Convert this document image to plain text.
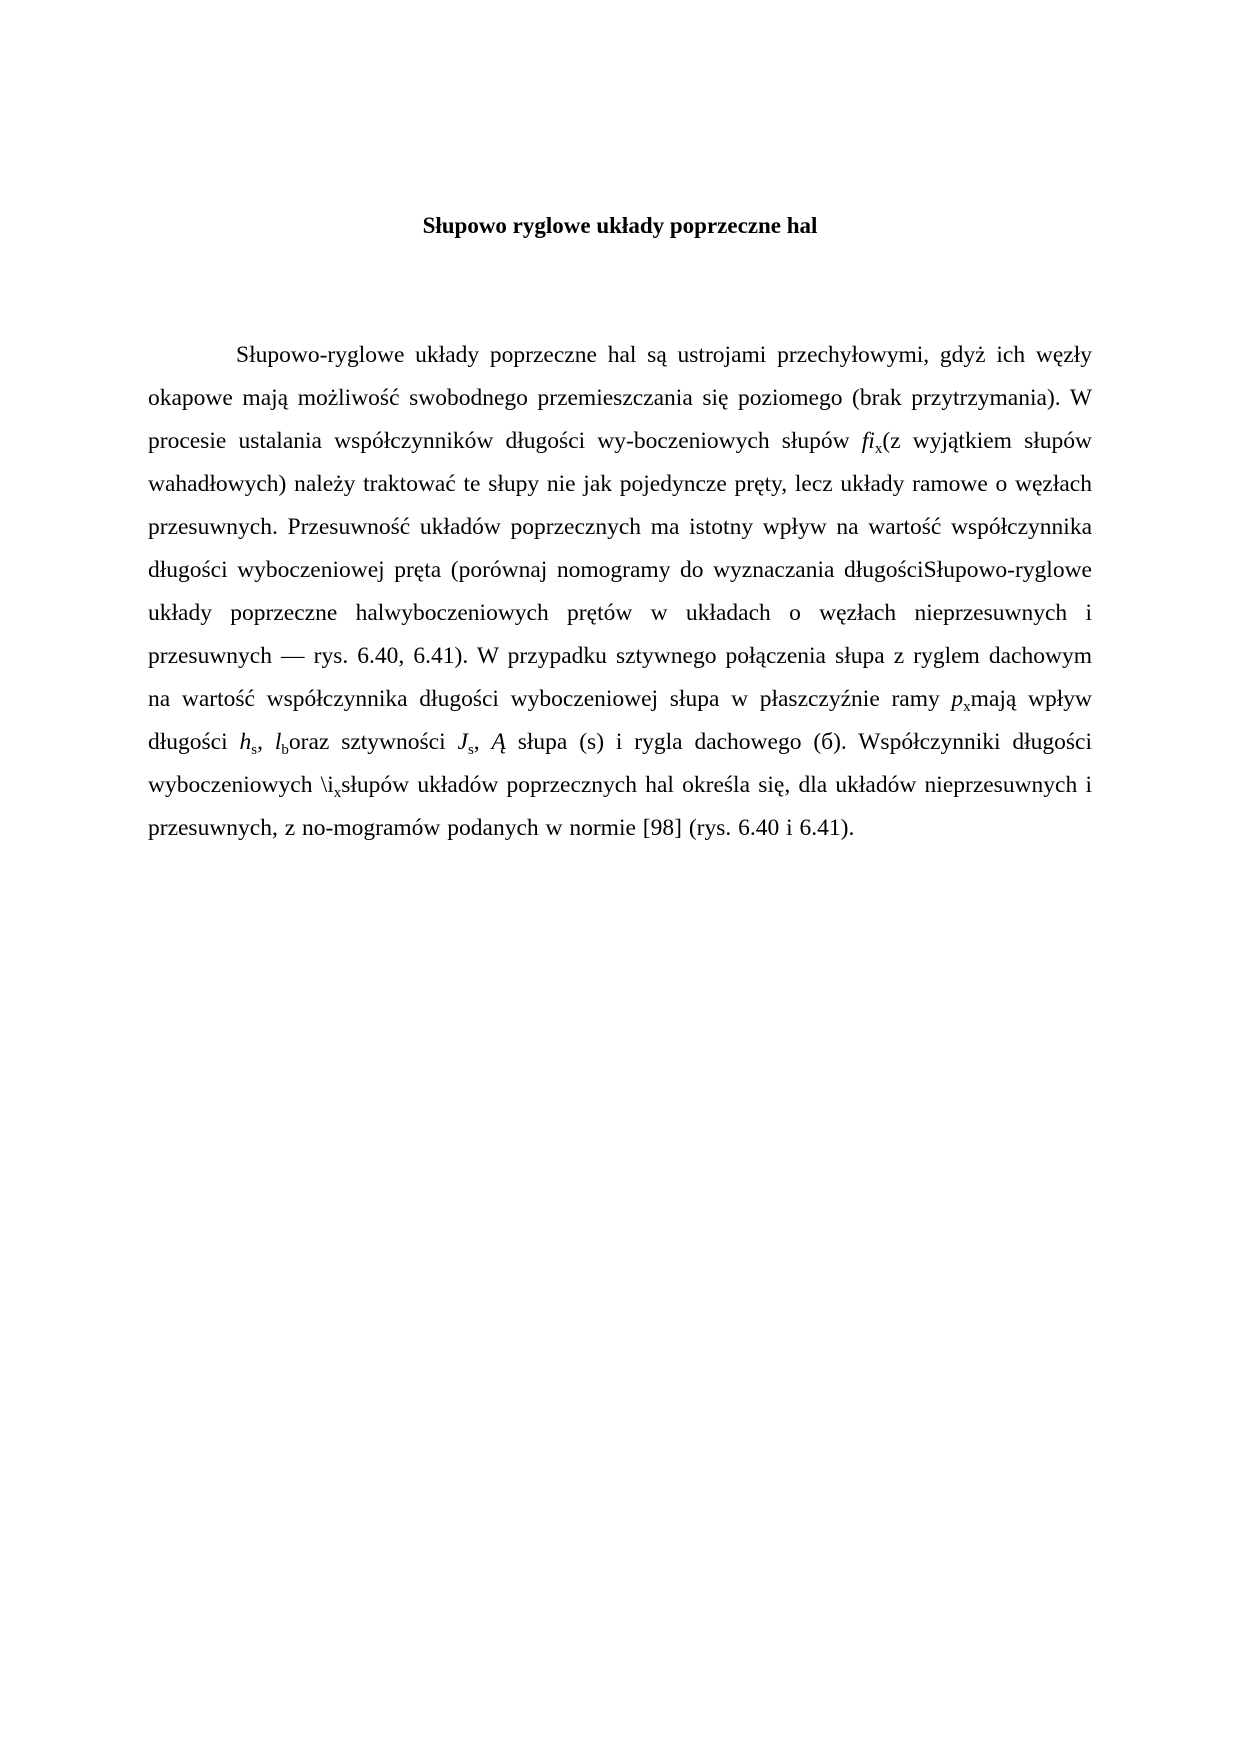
Słupowo ryglowe układy poprzeczne hal

Słupowo-ryglowe układy poprzeczne hal są ustrojami przechyłowymi, gdyż ich węzły okapowe mają możliwość swobodnego przemieszczania się poziomego (brak przytrzymania). W procesie ustalania współczynników długości wy-boczeniowych słupów $fi_x(z$ wyjątkiem słupów wahadłowych) należy traktować te słupy nie jak pojedyncze pręty, lecz układy ramowe o węzłach przesuwnych. Przesuwność układów poprzecznych ma istotny wpływ na wartość współczynnika długości wyboczeniowej pręta (porównaj nomogramy do wyznaczania długościSłupowo-ryglowe układy poprzeczne halwyboczeniowych prętów w układach o węzłach nieprzesuwnych i przesuwnych — rys. 6.40, 6.41). W przypadku sztywnego połączenia słupa z ryglem dachowym na wartość współczynnika długości wyboczeniowej słupa w płaszczyźnie ramy $p_xmają$ wpływ długości $h_s$, $l_boraz$ sztywności $J_s$, Ą słupa (s) i rygla dachowego (б). Współczynniki długości wyboczeniowych $\backslash i_xsłupów$ układów poprzecznych hal określa się, dla układów nieprzesuwnych i przesuwnych, z no-mogramów podanych w normie [98] (rys. 6.40 i 6.41).
